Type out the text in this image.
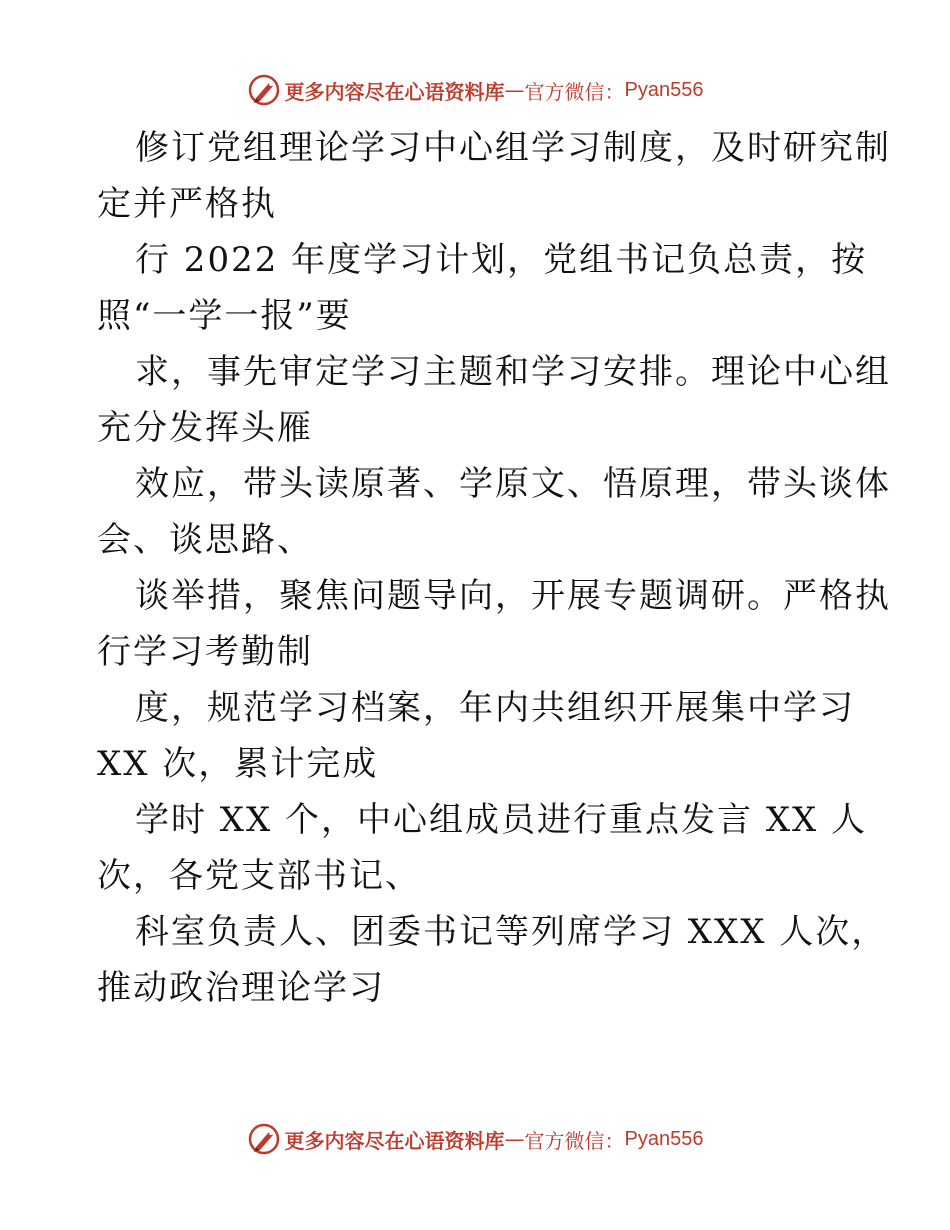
更多内容尽在心语资料库 — 官方微信： Pyan556
修订党组理论学习中心组学习制度，及时研究制
定并严格执
行 2022 年度学习计划，党组书记负总责，按
照“一学一报”要
求，事先审定学习主题和学习安排。理论中心组
充分发挥头雁
效应，带头读原著、学原文、悟原理，带头谈体
会、谈思路、
谈举措，聚焦问题导向，开展专题调研。严格执
行学习考勤制
度，规范学习档案，年内共组织开展集中学习
XX 次，累计完成
学时 XX 个，中心组成员进行重点发言 XX 人
次，各党支部书记、
科室负责人、团委书记等列席学习 XXX 人次，
推动政治理论学习
更多内容尽在心语资料库 — 官方微信： Pyan556
